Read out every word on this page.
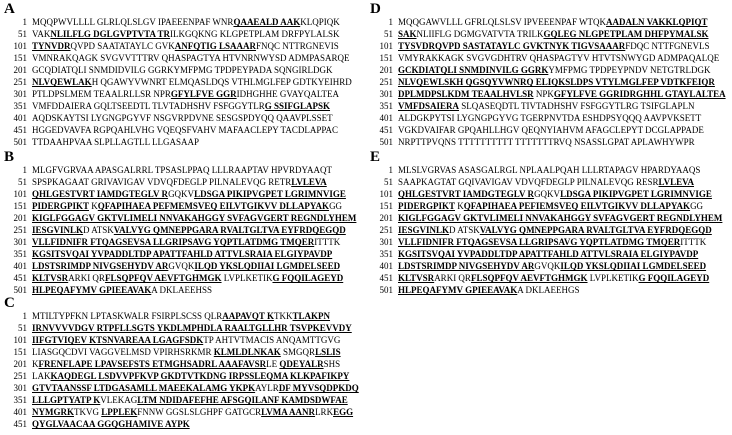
A
1 MQQPWVLLLL GLRLQLSLGV IPAEEENPAF WNRQAAEALD AAKKLQPIQK
51 VAKNLILFLG DGLGVPTVTA TRILKGQKNG KLGPETPLAM DRFPYLALSK
101 TYNVDRQVPD SAATATAYLC GVKANFQTIG LSAAARFNQC NTTRGNEVIS
151 VMNRAKQAGK SVGVVTTTRV QHASPAGTYA HTVNRNWYSD ADMPASARQE
201 GCQDIATQLI SNMDIDVILG GGRKYMFPMG TPDPEYPADA SQNGIRLDGK
251 NLVQEWLAKH QGAWYVWNRT ELMQASLDQS VTHLMGLFEP GDTKYEIHRD
301 PTLDPSLMEM TEAALRLLSR NPRGFYLFVE GGRIDHGHHE GVAYQALTEA
351 VMFDDAIERA GQLTSEEDTL TLVTADHSHV FSFGGYTLRG SSIFGLAPSK
401 AQDSKAYTSI LYGNGPGYVF NSGVRPDVNE SESGSPDYQQ QAAVPLSSET
451 HGGEDVAVFA RGPQAHLVHG VQEQSFVAHV MAFAACLEPY TACDLAPPAC
501 TTDAAHPVAA SLPLLAGTLL LLGASAAP
D
1 MQQGAWVLLL GFRLQLSLSV IPVEEENPAF WTQKAADALN VAKKLQPIQT
51 SAKNLIIFLG DGMGVATVTA TRILKGQLEG NLGPETPLAM DHFPYMALSK
101 TYSVDRQVPD SASTATAYLC GVKTNYK TIGVSAAARFDQC NTTFGNEVLS
151 VMYRAKKAGK SVGVGDHTRV QHASPAGTYV HTVTSNWYGD ADMPAQALQE
201 GCKDIATQLI SNMDINVILG GGRKYMFPMG TPDPEYPNDV NETGTRLDGK
251 NLVQEWLSKH QGSQYVWNRQ ELIQKSLDPS VTYLMGLFEP VDTKFEIQR
301 DPLMDPSLKDM TEAALHVLSR NPKGFYLFVE GGRIDRGHHL GTAYLALTEA
351 VMFDSAIERA SLQASEQDTL TIVTADHSHV FSFGGYTLRG TSIFGLAPLN
401 ALDGKPYTSI LYGNGPGYVG TGERPNVTDA ESHDPSYQQQ AAVPVKSETT
451 VGKDVAIFAR GPQAHLLHGV QEQNYIAHVM AFAGCLEPYT DCGLAPPADE
501 NRPTTPVQNS TTTTTTTTTT TTTTTTTRVQ NSASSLGPAT APLAWHYWPR
B
1 MLGFVGRVAA APASGALRRL TPSASLPPAQ LLLRAAPTAV HPVRDYAAQT
51 SPSPKAGAAT GRIVAVIGAV VDVQFDEGLP PILNALEVQG RETRLVLEVA
101 QHLGESTVRT IAMDGTEGLV RGQKVLDSGA PIKIPVGPET LGRIMNVIGE
151 PIDERGPIKT KQFAPIHAEA PEFMEMSVEQ EILVTGIKVV DLLAPYAKGG
201 KIGLFGGAGV GKTVLIMELI NNVAKAHGGY SVFAGVGERT REGNDLYHEM
251 IESGVINLKD ATSKVALVYG QMNEPPGARA RVALTGLTVA EYFRDQEGQD
301 VLLFIDNIFR FTQAGSEVSA LLGRIPSAVG YQPTLATDMG TMQERITTTK
351 KGSITSVQAI YVPADDLTDP APATTFAHLD ATTVLSRAIA ELGIYPAVDP
401 LDSTSRIMDP NIVGSEHYDV ARGVQKILQD YKSLQDIIAI LGMDELSEED
451 KLTVSRARKI QRFLSQPFQV AEVFTGHMGK LVPLKETIKG FQQILAGEYD
501 HLPEQAFYMV GPIEEAVAKA DKLAEEHSS
E
1 MLSLVGRVAS ASASGALRGL NPLAALPQAH LLLRTAPAGV HPARDYAAQS
51 SAAPKAGTAT GQIVAVIGAV VDVQFDEGLP PILNALEVQG RESRLVLEVA
101 QHLGESTVRT IAMDGTEGLV RGQKVLDSGA PIKIPVGPET LGRIMNVIGE
151 PIDERGPIKT KQFAPIHAEA PEFIEMSVEQ EILVTGIKVV DLLAPYAKGG
201 KIGLFGGAGV GKTVLIMELI NNVAKAHGGY SVFAGVGERT REGNDLYHEM
251 IESGVINLKD ATSKVALVYG QMNEPPGARA RVALTGLTVA EYFRDQEGQD
301 VLLFIDNIFR FTQAGSEVSA LLGRIPSAVG YQPTLATDMG TMQERITTTK
351 KGSITSVQAI YVPADDLTDP APATTFAHLD ATTVLSRAIA ELGIYPAVDP
401 LDSTSRIMDP NIVGSEHYDV ARGVQKILQD YKSLQDIIAI LGMDELSEED
451 KLTVSRARKI QRFLSQPFQV AEVFTGHMGK LVPLKETIKG FQQILAGEYD
501 HLPEQAFYMV GPIEEAVAKA DKLAEEHGS
C
1 MTILTYPFKN LPTASKWALR FSIRPLSCSS QLRAAPAVQT KTKKTLAKPN
51 IRNVVVVDGV RTPFLLSGTS YKDLMPHDLA RAALTGLLHR TSVPKEVVDY
101 IIFGTVIQEV KTSNVAREAA LGAGFSDKTP AHTVTMACIS ANQAMTTGVG
151 LIASGQCDVI VAGGVELMSD VPIRHSRKMR KLMLDLNKAK SMGQRLSLIS
201 KFRENFLAPE LPAVSEFSTS ETMGHSADRL AAAFAVSRLE QDEYALRSHS
251 LAKKAQDEGL LSDVVPFKVP GKDTVTKDNG IRPSSLEQMA KLKPAFIKPY
301 GTVTAANSSF LTDGASAMLL MAEEKALAMG YKPKAYLRDF MYVSQDPKDQ
351 LLLGPTYATP KVLEKAGLTM NDIDAFEFHE AFSGQILANF KAMDSDWFAE
401 NYMGRKTKVG LPPLEKFNNW GGSLSLGHPF GATGCRLVMA AANRLRKEGG
451 QYGLVAACAA GGQGHAMIVE AYPK
